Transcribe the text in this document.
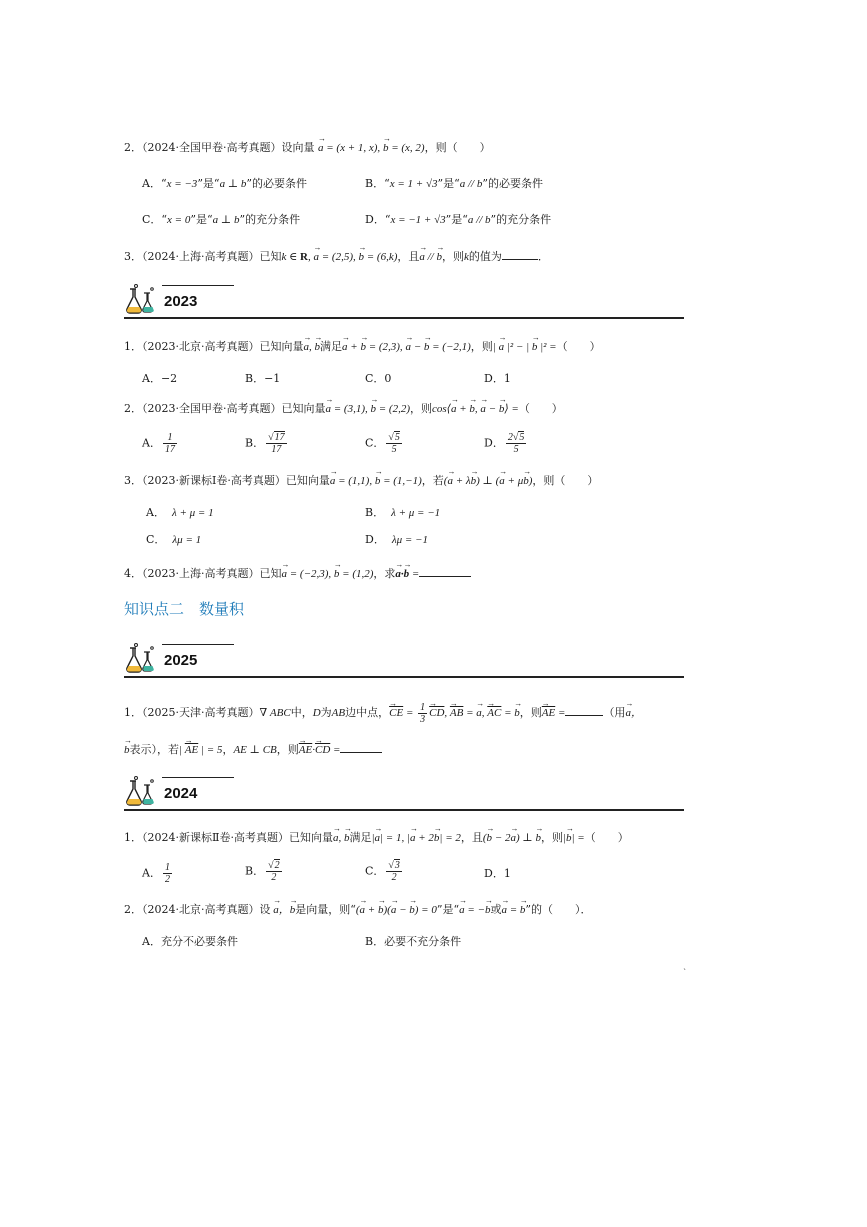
2．（2024·全国甲卷·高考真题）设向量 → a = (x + 1, x), → b = (x, 2)，则（　　）
A．“x = −3”是“a ⊥ b”的必要条件	B．“x = 1 + √3”是“a // b”的必要条件
C．“x = 0”是“a ⊥ b”的充分条件	D．“x = −1 + √3”是“a // b”的充分条件
3．（2024·上海·高考真题）已知k ∈ R, → a = (2,5), → b = (6,k)，且→ a // → b，则k的值为	．
2023
1．（2023·北京·高考真题）已知向量→ a, → b满足→ a + → b = (2,3), → a − → b = (−2,1)，则| → a |² − | → b |² =（　　）
A．−2	B．−1	C．0	D．1
2．（2023·全国甲卷·高考真题）已知向量→ a = (3,1), → b = (2,2)，则cos⟨→ a + → b, → a − → b⟩ =（　　）
A． $\frac{1}{17}$	B． $\frac{√17}{17}$	C． $\frac{√5}{5}$	D． $\frac{2√5}{5}$
3．（2023·新课标Ⅰ卷·高考真题）已知向量→ a = (1,1), → b = (1,−1)，若(→ a + λ→ b) ⊥ (→ a + μ→ b)，则（　　）
A． λ + μ = 1	B． λ + μ = −1
C． λμ = 1	D． λμ = −1
4．（2023·上海·高考真题）已知→ a = (−2,3), → b = (1,2)，求→ a·→ b =
知识点二　数量积
2025
1．（2025·天津·高考真题）∇ ABC中，D为AB边中点，→ $\overline{CE} = \frac{1}{3} \to \overline{CD}$, → $\overline{AB}$ = → a, → $\overline{AC}$ = → b，则→ $\overline{AE}$ =	（用→ a，
→ b表示），若| → $\overline{AE}$ | = 5，AE ⊥ CB，则→ $\overline{AE}\cdot\to \overline{CD}$ =
2024
1．（2024·新课标Ⅱ卷·高考真题）已知向量→ a, → b满足|→ a| = 1, |→ a + 2→ b| = 2，且(→ b − 2→ a) ⊥ → b，则|→ b| =（　　）
A． $\frac{1}{2}$	B． $\frac{√2}{2}$	C． $\frac{√3}{2}$	D．1
2．（2024·北京·高考真题）设 → a，→ b是向量，则“(→ a + → b)(→ a − → b) = 0”是“→ a = −→ b或→ a = → b”的（　　）．
A．充分不必要条件	B．必要不充分条件
`
